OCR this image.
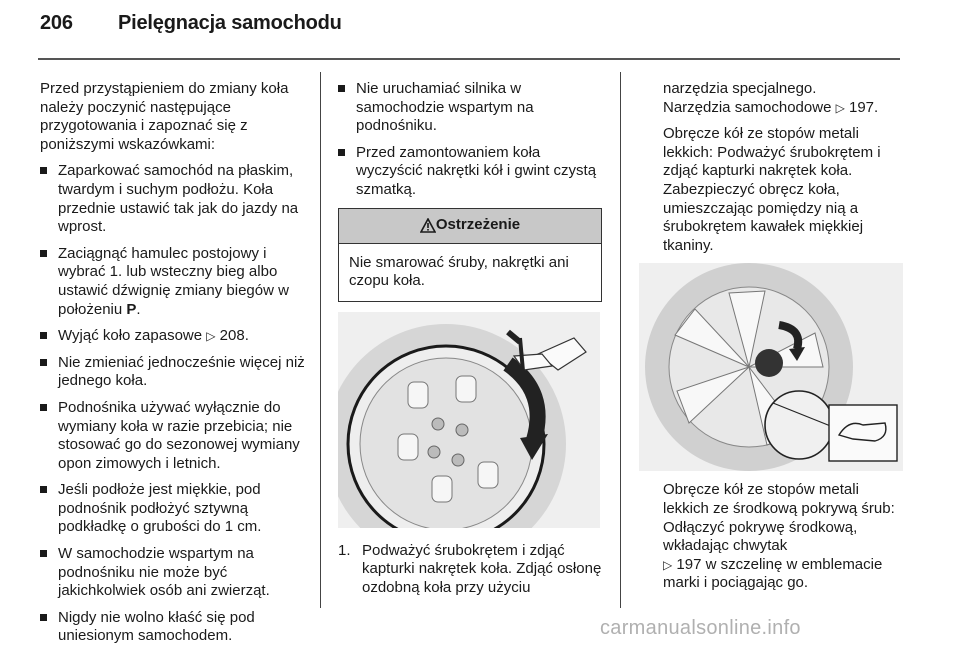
206 Pielęgnacja samochodu

Przed przystąpieniem do zmiany koła należy poczynić następujące przygotowania i zapoznać się z poniższymi wskazówkami:

Zaparkować samochód na płaskim, twardym i suchym podłożu. Koła przednie ustawić tak jak do jazdy na wprost.
Zaciągnąć hamulec postojowy i wybrać 1. lub wsteczny bieg albo ustawić dźwignię zmiany biegów w położeniu P.
Wyjąć koło zapasowe ▷ 208.
Nie zmieniać jednocześnie więcej niż jednego koła.
Podnośnika używać wyłącznie do wymiany koła w razie przebicia; nie stosować go do sezonowej wymiany opon zimowych i letnich.
Jeśli podłoże jest miękkie, pod podnośnik podłożyć sztywną podkładkę o grubości do 1 cm.
W samochodzie wspartym na podnośniku nie może być jakichkolwiek osób ani zwierząt.
Nigdy nie wolno kłaść się pod uniesionym samochodem.
Nie uruchamiać silnika w samochodzie wspartym na podnośniku.
Przed zamontowaniem koła wyczyścić nakrętki kół i gwint czystą szmatką.
Ostrzeżenie
Nie smarować śruby, nakrętki ani czopu koła.
1. Podważyć śrubokrętem i zdjąć kapturki nakrętek koła. Zdjąć osłonę ozdobną koła przy użyciu

narzędzia specjalnego.

Narzędzia samochodowe ▷ 197.

Obręcze kół ze stopów metali lekkich: Podważyć śrubokrętem i zdjąć kapturki nakrętek koła. Zabezpieczyć obręcz koła, umieszczając pomiędzy nią a śrubokrętem kawałek miękkiej tkaniny.

Obręcze kół ze stopów metali lekkich ze środkową pokrywą śrub: Odłączyć pokrywę środkową, wkładając chwytak
▷ 197 w szczelinę w emblemacie marki i pociągając go.

carmanualsonline.info
